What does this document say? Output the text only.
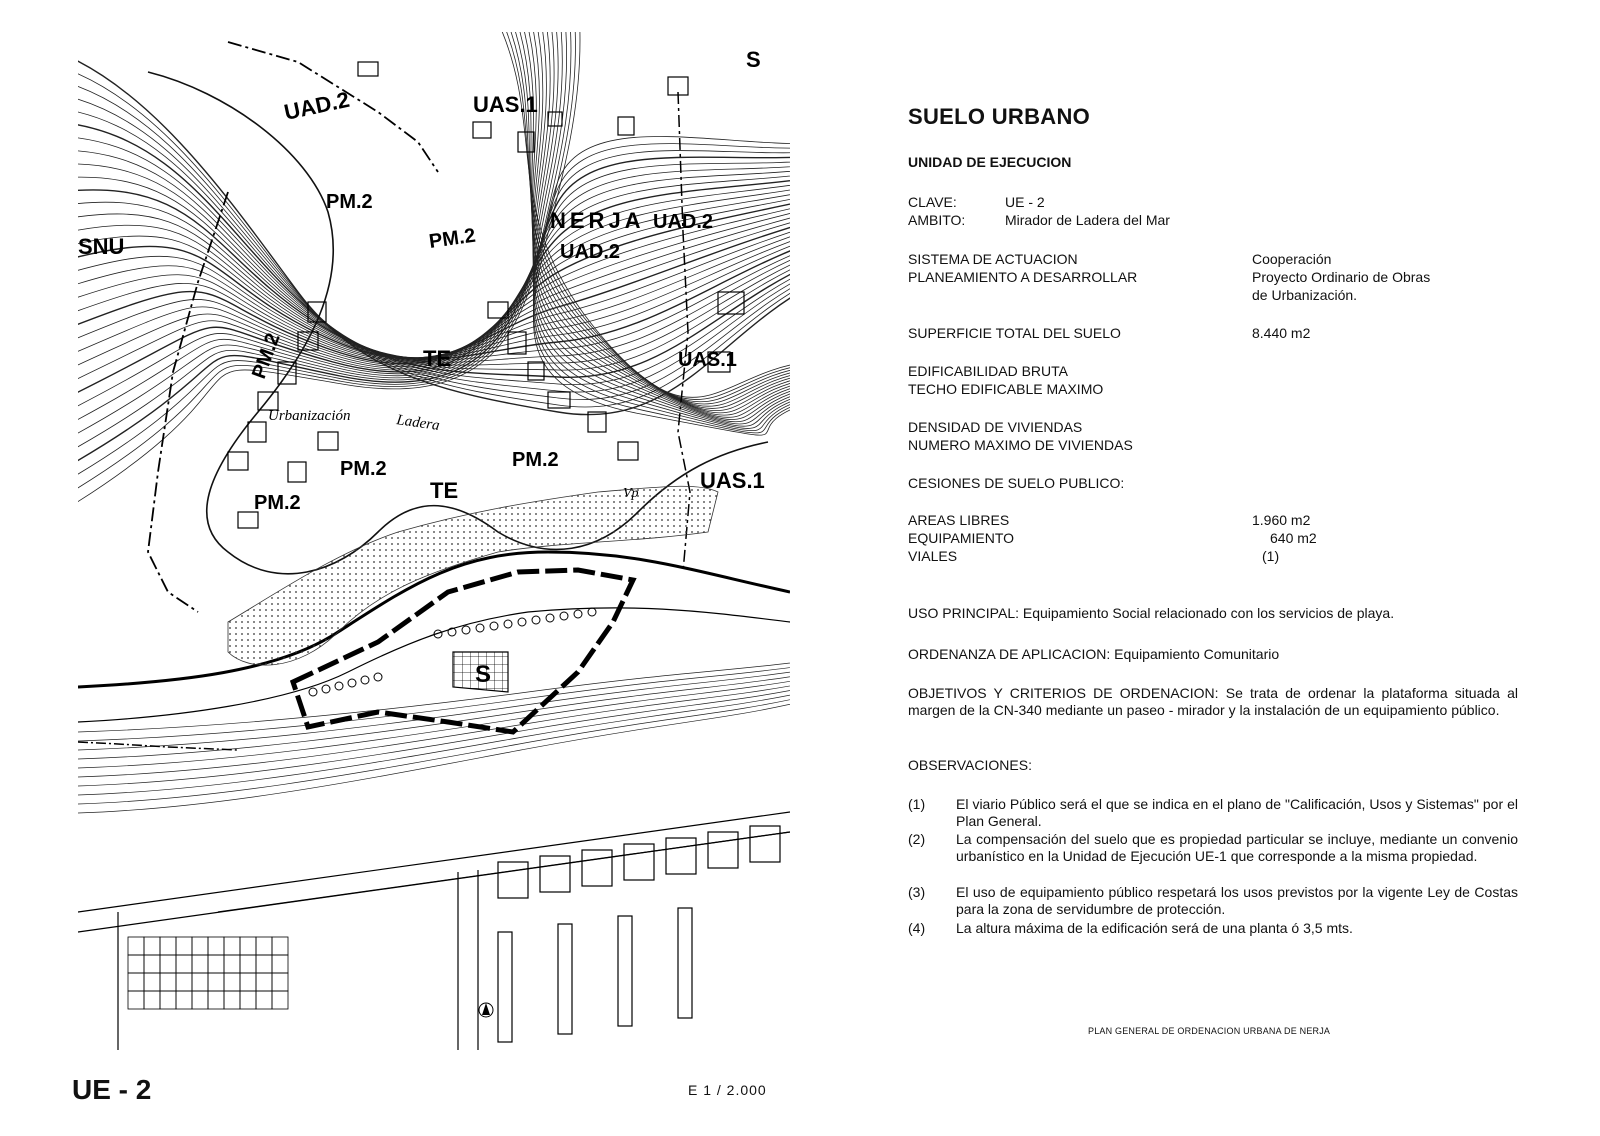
UAD.2	UAS.1
SNU
PM.2
PM.2
NERJA UAD.2
UAD.2
PM.2	TE	UAS.1
PM.2
TE
PM.2
UAS.1
PM.2
S
S
Urbanización	Ladera
Vp
SUELO URBANO
UNIDAD DE EJECUCION
CLAVE:	UE - 2
AMBITO:	Mirador de Ladera del Mar
SISTEMA DE ACTUACION	Cooperación
PLANEAMIENTO A DESARROLLAR	Proyecto Ordinario de Obras
de Urbanización.
SUPERFICIE TOTAL DEL SUELO	8.440 m2
EDIFICABILIDAD BRUTA
TECHO EDIFICABLE MAXIMO
DENSIDAD DE VIVIENDAS
NUMERO MAXIMO DE VIVIENDAS
CESIONES DE SUELO PUBLICO:
AREAS LIBRES	1.960 m2
EQUIPAMIENTO	640 m2
VIALES	(1)
USO PRINCIPAL: Equipamiento Social relacionado con los servicios de playa.
ORDENANZA DE APLICACION: Equipamiento Comunitario
OBJETIVOS Y CRITERIOS DE ORDENACION: Se trata de ordenar la plataforma situada al margen de la CN-340 mediante un paseo - mirador y la instalación de un equipamiento público.
OBSERVACIONES:
(1) El viario Público será el que se indica en el plano de "Calificación, Usos y Sistemas" por el Plan General.
(2) La compensación del suelo que es propiedad particular se incluye, mediante un convenio urbanístico en la Unidad de Ejecución UE-1 que corresponde a la misma propiedad.
(3) El uso de equipamiento público respetará los usos previstos por la vigente Ley de Costas para la zona de servidumbre de protección.
(4) La altura máxima de la edificación será de una planta ó 3,5 mts.
PLAN GENERAL DE ORDENACION URBANA DE NERJA
UE - 2	E 1 / 2.000
